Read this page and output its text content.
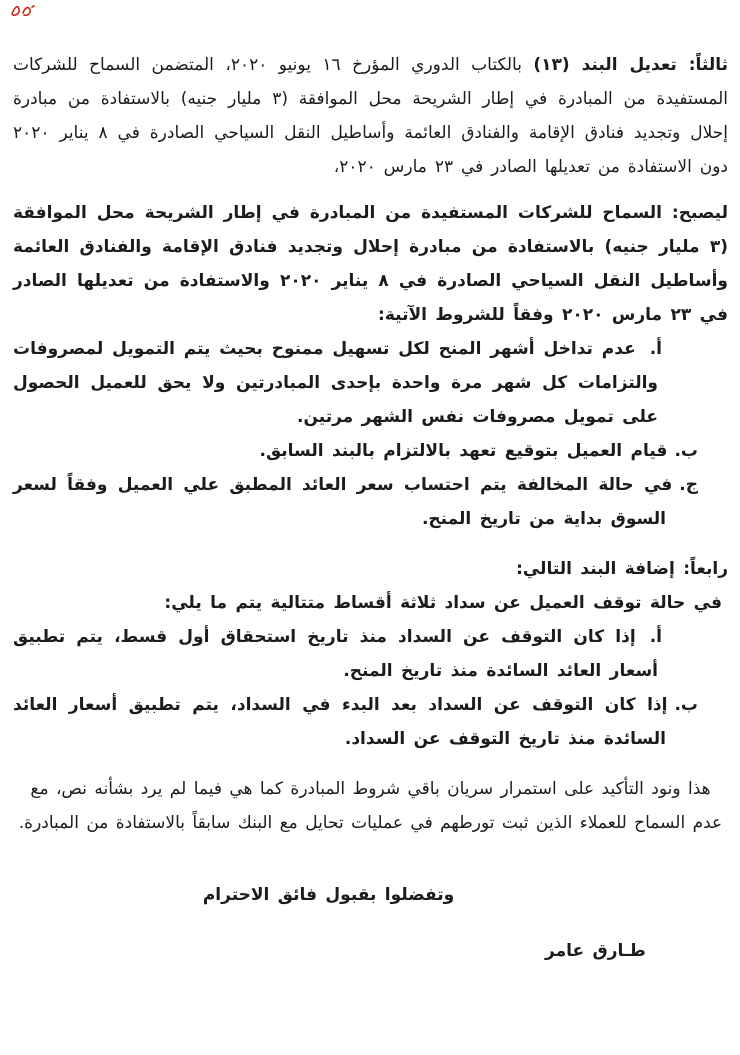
ثالثاً: تعديل البند (١٣) بالكتاب الدوري المؤرخ ١٦ يونيو ٢٠٢٠، المتضمن السماح للشركات المستفيدة من المبادرة في إطار الشريحة محل الموافقة (٣ مليار جنيه) بالاستفادة من مبادرة إحلال وتجديد فنادق الإقامة والفنادق العائمة وأساطيل النقل السياحي الصادرة في ٨ يناير ٢٠٢٠ دون الاستفادة من تعديلها الصادر في ٢٣ مارس ٢٠٢٠،

ليصبح: السماح للشركات المستفيدة من المبادرة في إطار الشريحة محل الموافقة (٣ مليار جنيه) بالاستفادة من مبادرة إحلال وتجديد فنادق الإقامة والفنادق العائمة وأساطيل النقل السياحي الصادرة في ٨ يناير ٢٠٢٠ والاستفادة من تعديلها الصادر في ٢٣ مارس ٢٠٢٠ وفقاً للشروط الآتية:

أ.عدم تداخل أشهر المنح لكل تسهيل ممنوح بحيث يتم التمويل لمصروفات والتزامات كل شهر مرة واحدة بإحدى المبادرتين ولا يحق للعميل الحصول على تمويل مصروفات نفس الشهر مرتين.
ب.قيام العميل بتوقيع تعهد بالالتزام بالبند السابق.
ج.في حالة المخالفة يتم احتساب سعر العائد المطبق علي العميل وفقاً لسعر السوق بداية من تاريخ المنح.

رابعاً: إضافة البند التالي:

في حالة توقف العميل عن سداد ثلاثة أقساط متتالية يتم ما يلي:

أ.إذا كان التوقف عن السداد منذ تاريخ استحقاق أول قسط، يتم تطبيق أسعار العائد السائدة منذ تاريخ المنح.
ب.إذا كان التوقف عن السداد بعد البدء في السداد، يتم تطبيق أسعار العائد السائدة منذ تاريخ التوقف عن السداد.

هذا ونود التأكيد على استمرار سريان باقي شروط المبادرة كما هي فيما لم يرد بشأنه نص، مع عدم السماح للعملاء الذين ثبت تورطهم في عمليات تحايل مع البنك سابقاً بالاستفادة من المبادرة.

وتفضلوا بقبول فائق الاحترام

طـارق عامر
